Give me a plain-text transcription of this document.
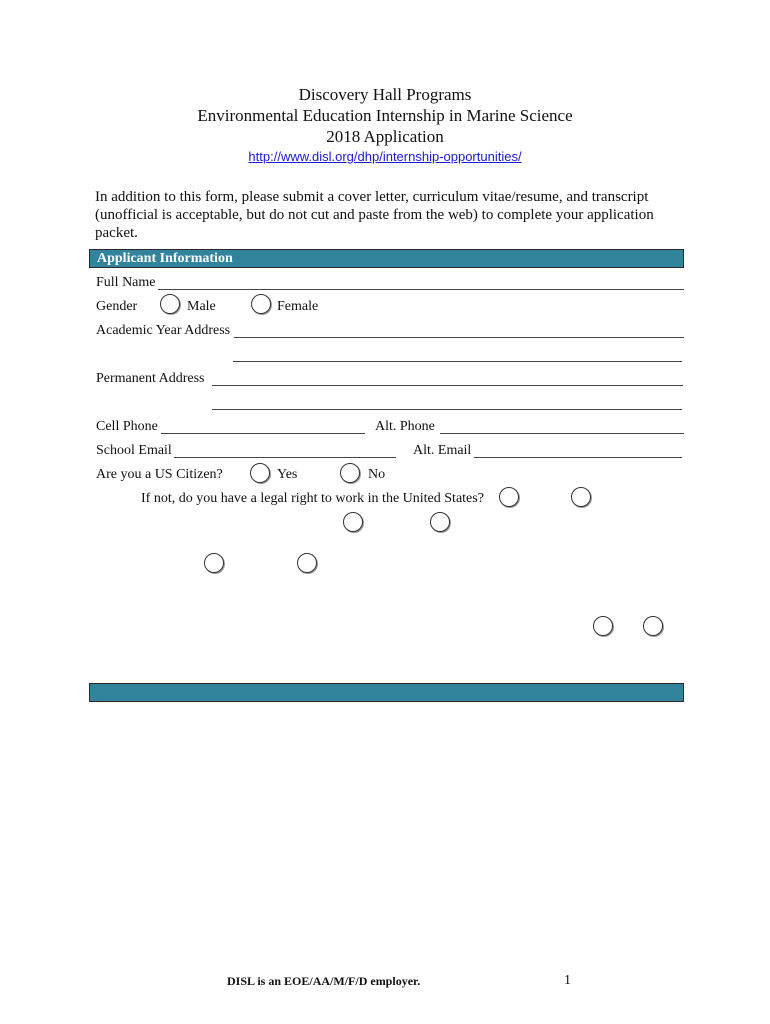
Discovery Hall Programs
Environmental Education Internship in Marine Science
2018 Application
http://www.disl.org/dhp/internship-opportunities/
In addition to this form, please submit a cover letter, curriculum vitae/resume, and transcript
(unofficial is acceptable, but do not cut and paste from the web) to complete your application
packet.
Applicant Information
Full Name
Gender	Male	Female
Academic Year Address
Permanent Address
Cell Phone	Alt. Phone
School Email	Alt. Email
Are you a US Citizen?	Yes	No
If not, do you have a legal right to work in the United States?
DISL is an EOE/AA/M/F/D employer.	1
